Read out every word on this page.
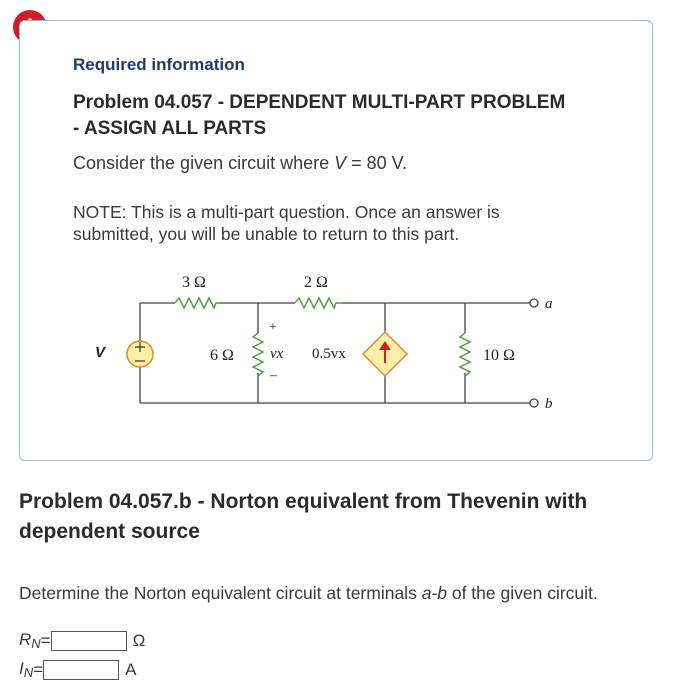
Required information
Problem 04.057 - DEPENDENT MULTI-PART PROBLEM - ASSIGN ALL PARTS
Consider the given circuit where V = 80 V.
NOTE: This is a multi-part question. Once an answer is submitted, you will be unable to return to this part.
3 Ω	2 Ω
6 Ω	10 Ω
V
+
vx
–
0.5vx
a
b
Problem 04.057.b - Norton equivalent from Thevenin with dependent source
Determine the Norton equivalent circuit at terminals a-b of the given circuit.
$R_N$ =	Ω
$I_N$ =	A
